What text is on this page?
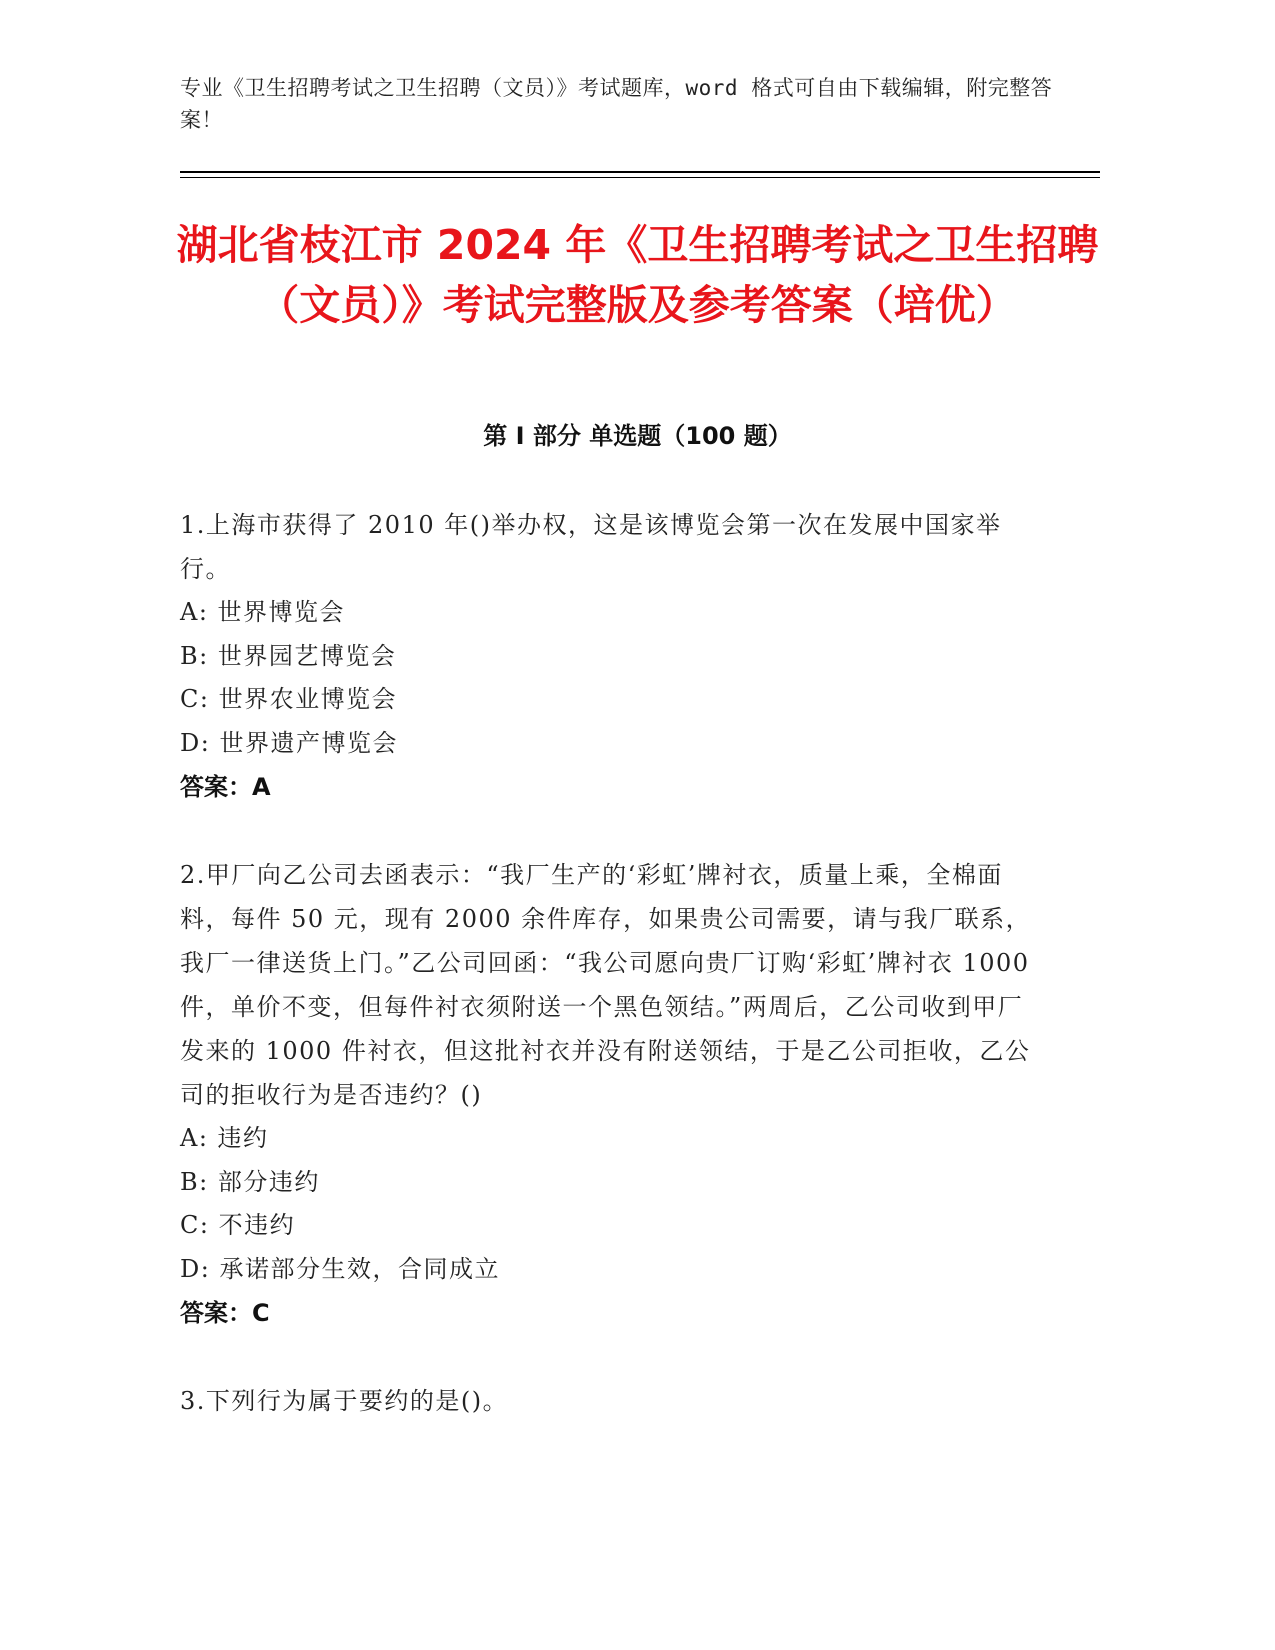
专业《卫生招聘考试之卫生招聘（文员）》考试题库，word 格式可自由下载编辑，附完整答案！
湖北省枝江市 2024 年《卫生招聘考试之卫生招聘（文员）》考试完整版及参考答案（培优）
第 I 部分 单选题（100 题）
1.上海市获得了 2010 年()举办权，这是该博览会第一次在发展中国家举行。
A: 世界博览会
B: 世界园艺博览会
C: 世界农业博览会
D: 世界遗产博览会
答案：A
2.甲厂向乙公司去函表示：“我厂生产的‘彩虹’牌衬衣，质量上乘，全棉面料，每件 50 元，现有 2000 余件库存，如果贵公司需要，请与我厂联系，我厂一律送货上门。”乙公司回函：“我公司愿向贵厂订购‘彩虹’牌衬衣 1000 件，单价不变，但每件衬衣须附送一个黑色领结。”两周后，乙公司收到甲厂发来的 1000 件衬衣，但这批衬衣并没有附送领结，于是乙公司拒收，乙公司的拒收行为是否违约？()
A: 违约
B: 部分违约
C: 不违约
D: 承诺部分生效，合同成立
答案：C
3.下列行为属于要约的是()。
